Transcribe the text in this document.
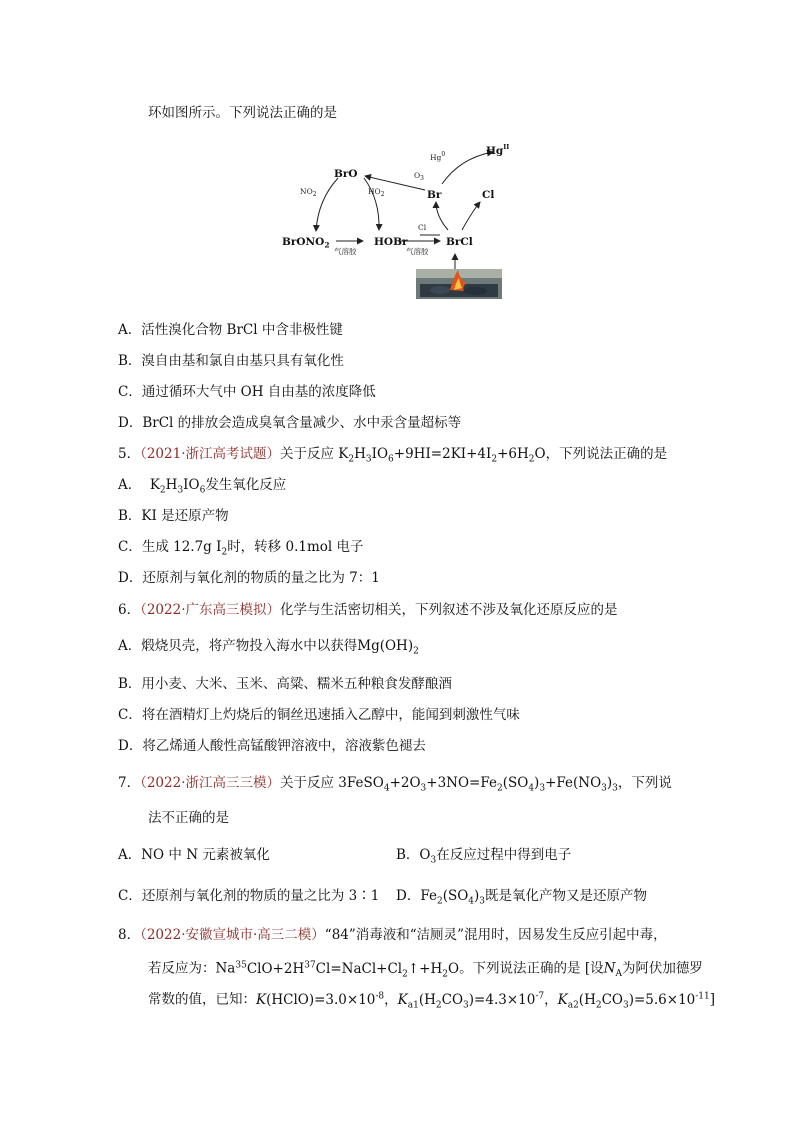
环如图所示。下列说法正确的是
BrO
BrONO$_2$	HOBr	BrCl
Br	Cl
$Hg^{II}$
$NO_2$	$HO_2$
$O_3$
Hg$^0$
Cl
气溶胶	气溶胶
A．活性溴化合物 BrCl 中含非极性键
B．溴自由基和氯自由基只具有氧化性
C．通过循环大气中 OH 自由基的浓度降低
D．BrCl 的排放会造成臭氧含量减少、水中汞含量超标等
5．（2021·浙江高考试题）关于反应 $K_2H_3IO_6+9HI=2KI+4I_2+6H_2O$，下列说法正确的是
A．  $K_2H_3IO_6$发生氧化反应
B．KI 是还原产物
C．生成 12.7g $I_2$时，转移 0.1mol 电子
D．还原剂与氧化剂的物质的量之比为 7：1
6．（2022·广东高三模拟）化学与生活密切相关，下列叙述不涉及氧化还原反应的是
A．煅烧贝壳，将产物投入海水中以获得$Mg(OH)_2$
B．用小麦、大米、玉米、高粱、糯米五种粮食发酵酿酒
C．将在酒精灯上灼烧后的铜丝迅速插入乙醇中，能闻到刺激性气味
D．将乙烯通人酸性高锰酸钾溶液中，溶液紫色褪去
7．（2022·浙江高三三模）关于反应 $3FeSO_4+2O_3+3NO=Fe_2(SO_4)_3+Fe(NO_3)_3$，下列说
法不正确的是
A．NO 中 N 元素被氧化	B．$O_3$在反应过程中得到电子
C．还原剂与氧化剂的物质的量之比为 3∶1 D．$Fe_2(SO_4)_3$既是氧化产物又是还原产物
8．（2022·安徽宣城市·高三二模）“84”消毒液和“洁厕灵”混用时，因易发生反应引起中毒，
若反应为：$Na^{35}ClO+2H^{37}Cl=NaCl+Cl_2↑+H_2O$。下列说法正确的是 [设$N_A$为阿伏加德罗
常数的值，已知：$K(HClO)=3.0\times 10^{-8}$，$K_{a1}(H_2CO_3)=4.3\times 10^{-7}$，$K_{a2}(H_2CO_3)=5.6\times 10^{-11}$]
